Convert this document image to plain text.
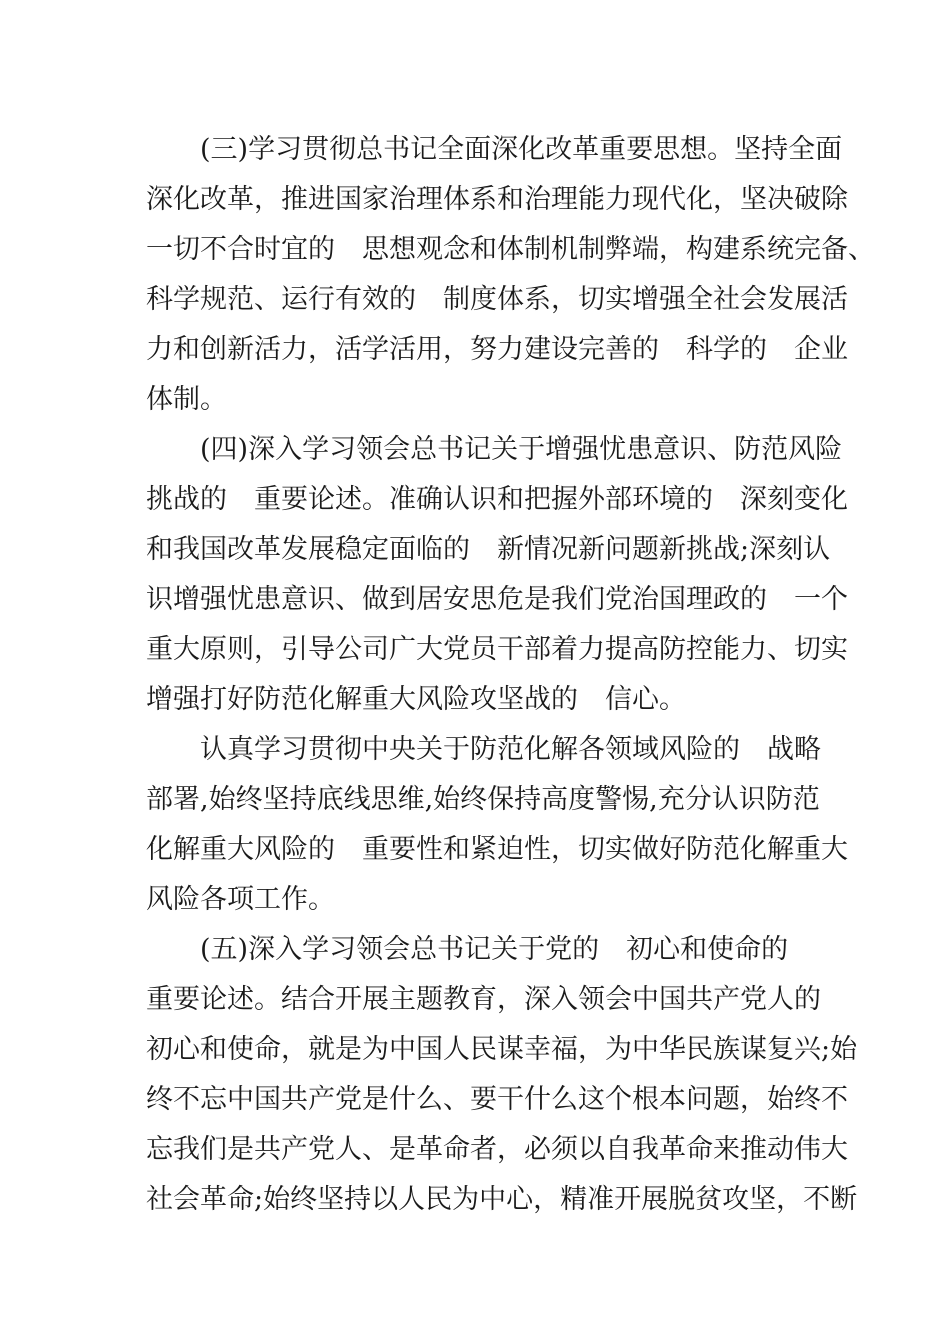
(三)学习贯彻总书记全面深化改革重要思想。坚持全面

深化改革，推进国家治理体系和治理能力现代化，坚决破除

一切不合时宜的　思想观念和体制机制弊端，构建系统完备、

科学规范、运行有效的　制度体系，切实增强全社会发展活

力和创新活力，活学活用，努力建设完善的　科学的　企业

体制。

(四)深入学习领会总书记关于增强忧患意识、防范风险

挑战的　重要论述。准确认识和把握外部环境的　深刻变化

和我国改革发展稳定面临的　新情况新问题新挑战;深刻认

识增强忧患意识、做到居安思危是我们党治国理政的　一个

重大原则，引导公司广大党员干部着力提高防控能力、切实

增强打好防范化解重大风险攻坚战的　信心。

认真学习贯彻中央关于防范化解各领域风险的　战略

部署,始终坚持底线思维,始终保持高度警惕,充分认识防范

化解重大风险的　重要性和紧迫性，切实做好防范化解重大

风险各项工作。

(五)深入学习领会总书记关于党的　初心和使命的

重要论述。结合开展主题教育，深入领会中国共产党人的

初心和使命，就是为中国人民谋幸福，为中华民族谋复兴;始

终不忘中国共产党是什么、要干什么这个根本问题，始终不

忘我们是共产党人、是革命者，必须以自我革命来推动伟大

社会革命;始终坚持以人民为中心，精准开展脱贫攻坚，不断
